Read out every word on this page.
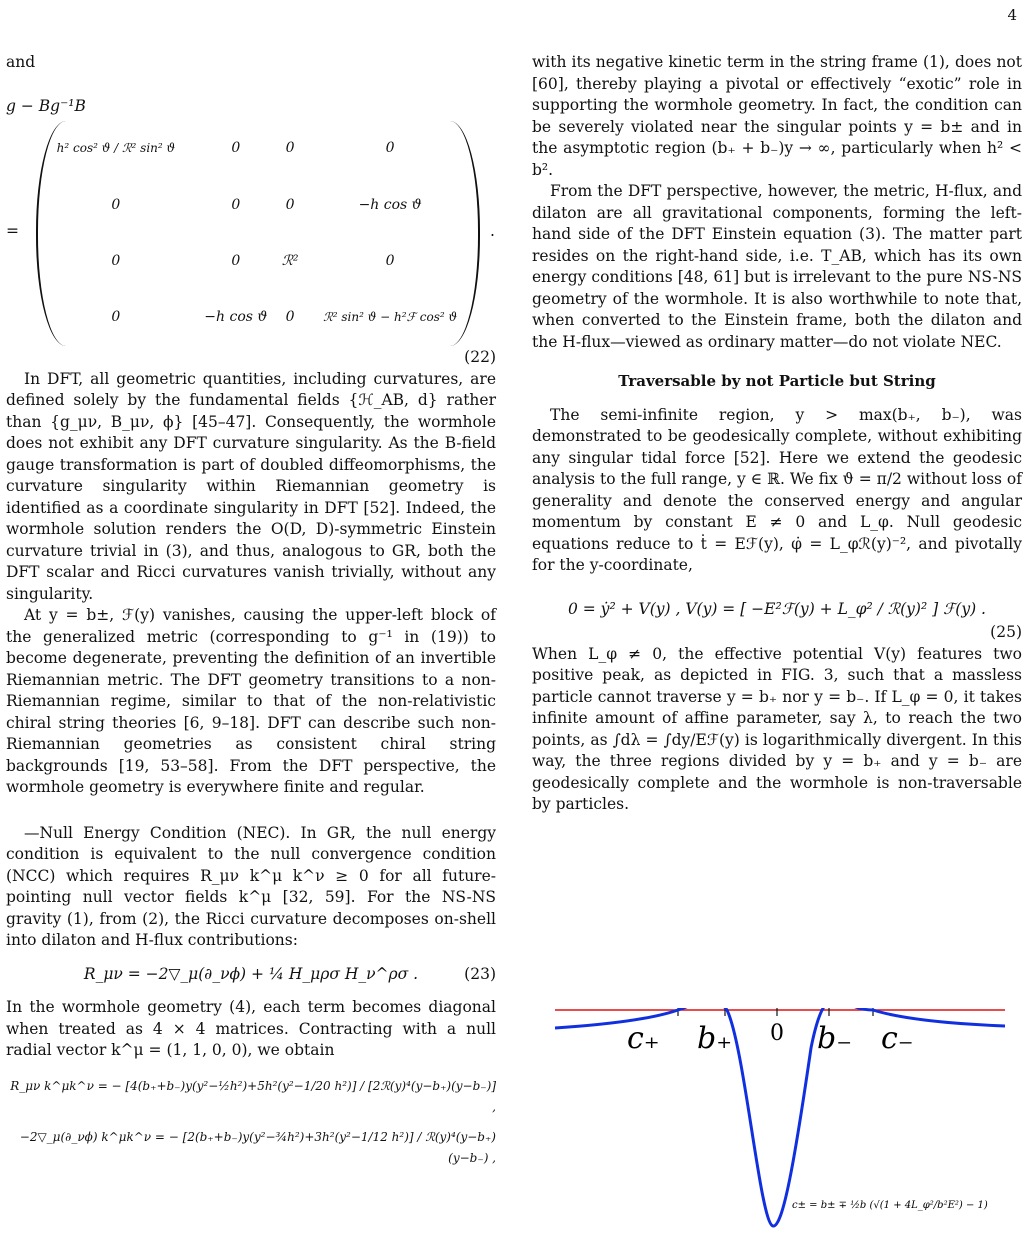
4

and

g − Bg⁻¹B

=
h² cos² ϑ / ℛ² sin² ϑ	0	0	0
0	0	0	−h cos ϑ
0	0	ℛ²	0
0	−h cos ϑ	0	ℛ² sin² ϑ − h²ℱ cos² ϑ
.
(22)

In DFT, all geometric quantities, including curvatures, are defined solely by the fundamental fields {ℋ_AB, d} rather than {g_μν, B_μν, ϕ} [45–47]. Consequently, the wormhole does not exhibit any DFT curvature singularity. As the B-field gauge transformation is part of doubled diffeomorphisms, the curvature singularity within Riemannian geometry is identified as a coordinate singularity in DFT [52]. Indeed, the wormhole solution renders the O(D, D)-symmetric Einstein curvature trivial in (3), and thus, analogous to GR, both the DFT scalar and Ricci curvatures vanish trivially, without any singularity.

At y = b±, ℱ(y) vanishes, causing the upper-left block of the generalized metric (corresponding to g⁻¹ in (19)) to become degenerate, preventing the definition of an invertible Riemannian metric. The DFT geometry transitions to a non-Riemannian regime, similar to that of the non-relativistic chiral string theories [6, 9–18]. DFT can describe such non-Riemannian geometries as consistent chiral string backgrounds [19, 53–58]. From the DFT perspective, the wormhole geometry is everywhere finite and regular.

—Null Energy Condition (NEC). In GR, the null energy condition is equivalent to the null convergence condition (NCC) which requires R_μν k^μ k^ν ≥ 0 for all future-pointing null vector fields k^μ [32, 59]. For the NS-NS gravity (1), from (2), the Ricci curvature decomposes on-shell into dilaton and H-flux contributions:

R_μν = −2▽_μ(∂_νϕ) + ¼ H_μρσ H_ν^ρσ .	(23)

In the wormhole geometry (4), each term becomes diagonal when treated as 4 × 4 matrices. Contracting with a null radial vector k^μ = (1, 1, 0, 0), we obtain

R_μν k^μk^ν = − [4(b₊+b₋)y(y²−½h²)+5h²(y²−1/20 h²)] / [2ℛ(y)⁴(y−b₊)(y−b₋)] ,

−2▽_μ(∂_νϕ) k^μk^ν = − [2(b₊+b₋)y(y²−¾h²)+3h²(y²−1/12 h²)] / ℛ(y)⁴(y−b₊)(y−b₋) ,

with its negative kinetic term in the string frame (1), does not [60], thereby playing a pivotal or effectively “exotic” role in supporting the wormhole geometry. In fact, the condition can be severely violated near the singular points y = b± and in the asymptotic region (b₊ + b₋)y → ∞, particularly when h² < b².

From the DFT perspective, however, the metric, H-flux, and dilaton are all gravitational components, forming the left-hand side of the DFT Einstein equation (3). The matter part resides on the right-hand side, i.e. T_AB, which has its own energy conditions [48, 61] but is irrelevant to the pure NS-NS geometry of the wormhole. It is also worthwhile to note that, when converted to the Einstein frame, both the dilaton and the H-flux—viewed as ordinary matter—do not violate NEC.

Traversable by not Particle but String

The semi-infinite region, y > max(b₊, b₋), was demonstrated to be geodesically complete, without exhibiting any singular tidal force [52]. Here we extend the geodesic analysis to the full range, y ∈ ℝ. We fix ϑ = π/2 without loss of generality and denote the conserved energy and angular momentum by constant E ≠ 0 and L_φ. Null geodesic equations reduce to ṫ = Eℱ(y), φ̇ = L_φℛ(y)⁻², and pivotally for the y-coordinate,

0 = ẏ² + V(y) , V(y) = [ −E²ℱ(y) + L_φ² / ℛ(y)² ] ℱ(y) .
(25)

When L_φ ≠ 0, the effective potential V(y) features two positive peak, as depicted in FIG. 3, such that a massless particle cannot traverse y = b₊ nor y = b₋. If L_φ = 0, it takes infinite amount of affine parameter, say λ, to reach the two points, as ∫dλ = ∫dy/Eℱ(y) is logarithmically divergent. In this way, the three regions divided by y = b₊ and y = b₋ are geodesically complete and the wormhole is non-traversable by particles.

c₊ b₊ 0 b₋ c₋
c± = b± ∓ ½b (√(1 + 4L_φ²/b²E²) − 1)
